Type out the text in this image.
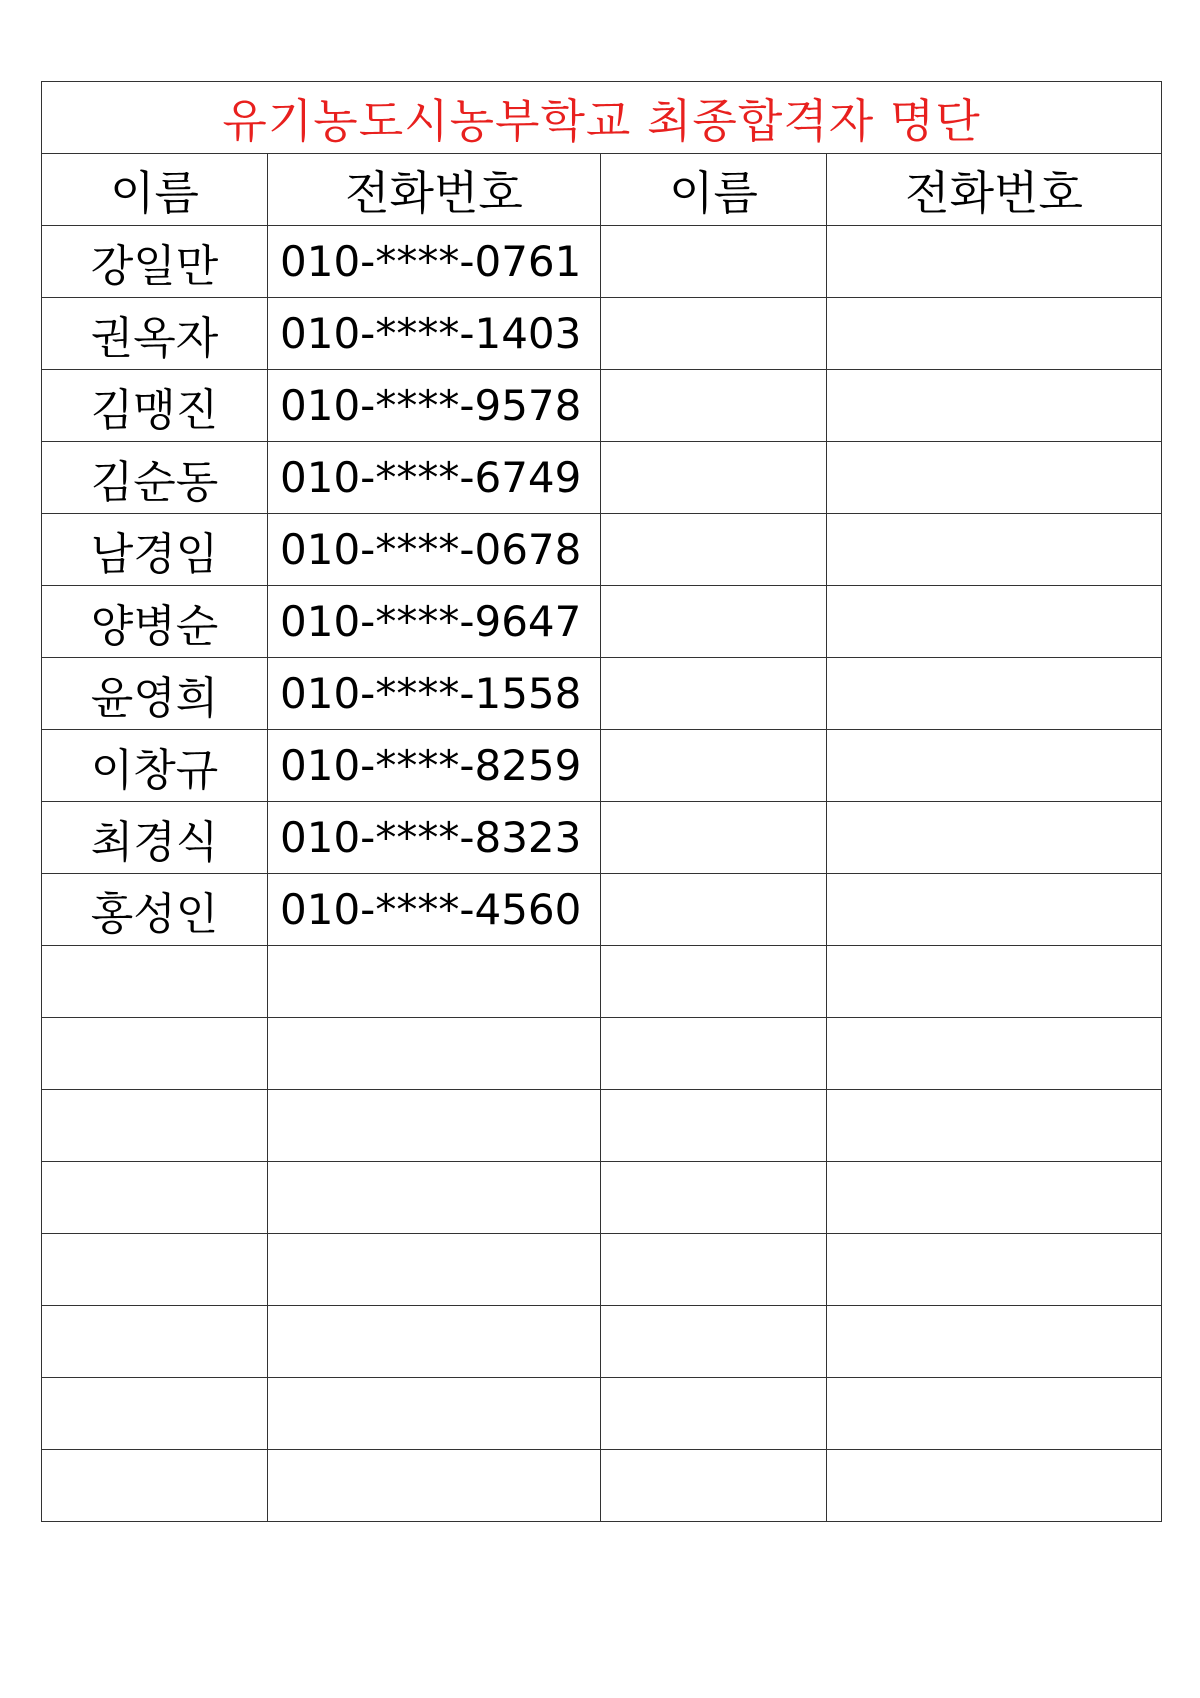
유기농도시농부학교 최종합격자 명단			
이름	전화번호	이름	전화번호
강일만	010-****-0761		
권옥자	010-****-1403		
김맹진	010-****-9578		
김순동	010-****-6749		
남경임	010-****-0678		
양병순	010-****-9647		
윤영희	010-****-1558		
이창규	010-****-8259		
최경식	010-****-8323		
홍성인	010-****-4560		
